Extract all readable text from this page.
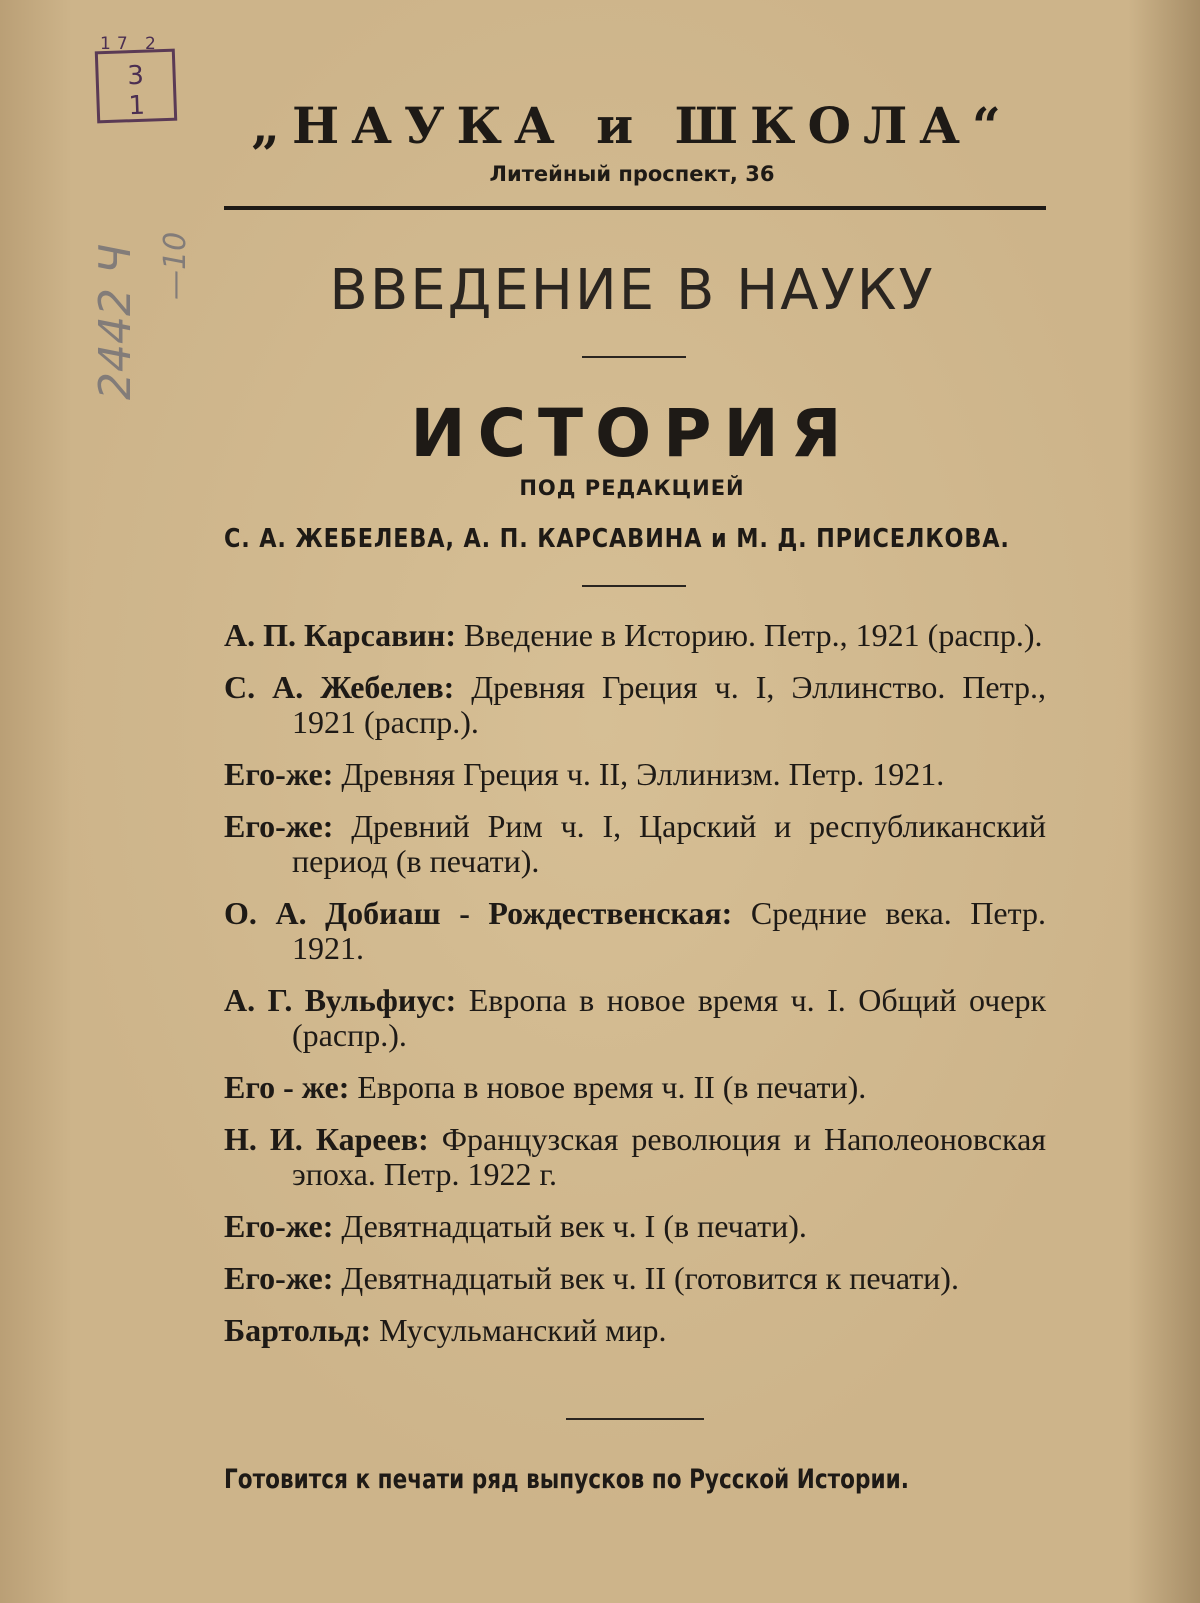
17 2
3
1
2442 Ч —10
„НАУКА и ШКОЛА“
Литейный проспект, 36
ВВЕДЕНИЕ В НАУКУ
ИСТОРИЯ
ПОД РЕДАКЦИЕЙ
С. А. ЖЕБЕЛЕВА, А. П. КАРСАВИНА и М. Д. ПРИСЕЛКОВА.
А. П. Карсавин: Введение в Историю. Петр., 1921 (распр.).
С. А. Жебелев: Древняя Греция ч. I, Эллинство. Петр., 1921 (распр.).
Его-же: Древняя Греция ч. II, Эллинизм. Петр. 1921.
Его-же: Древний Рим ч. I, Царский и республиканский период (в печати).
О. А. Добиаш - Рождественская: Средние века. Петр. 1921.
А. Г. Вульфиус: Европа в новое время ч. I. Общий очерк (распр.).
Его - же: Европа в новое время ч. II (в печати).
Н. И. Кареев: Французская революция и Наполеоновская эпоха. Петр. 1922 г.
Его-же: Девятнадцатый век ч. I (в печати).
Его-же: Девятнадцатый век ч. II (готовится к печати).
Бартольд: Мусульманский мир.
Готовится к печати ряд выпусков по Русской Истории.
